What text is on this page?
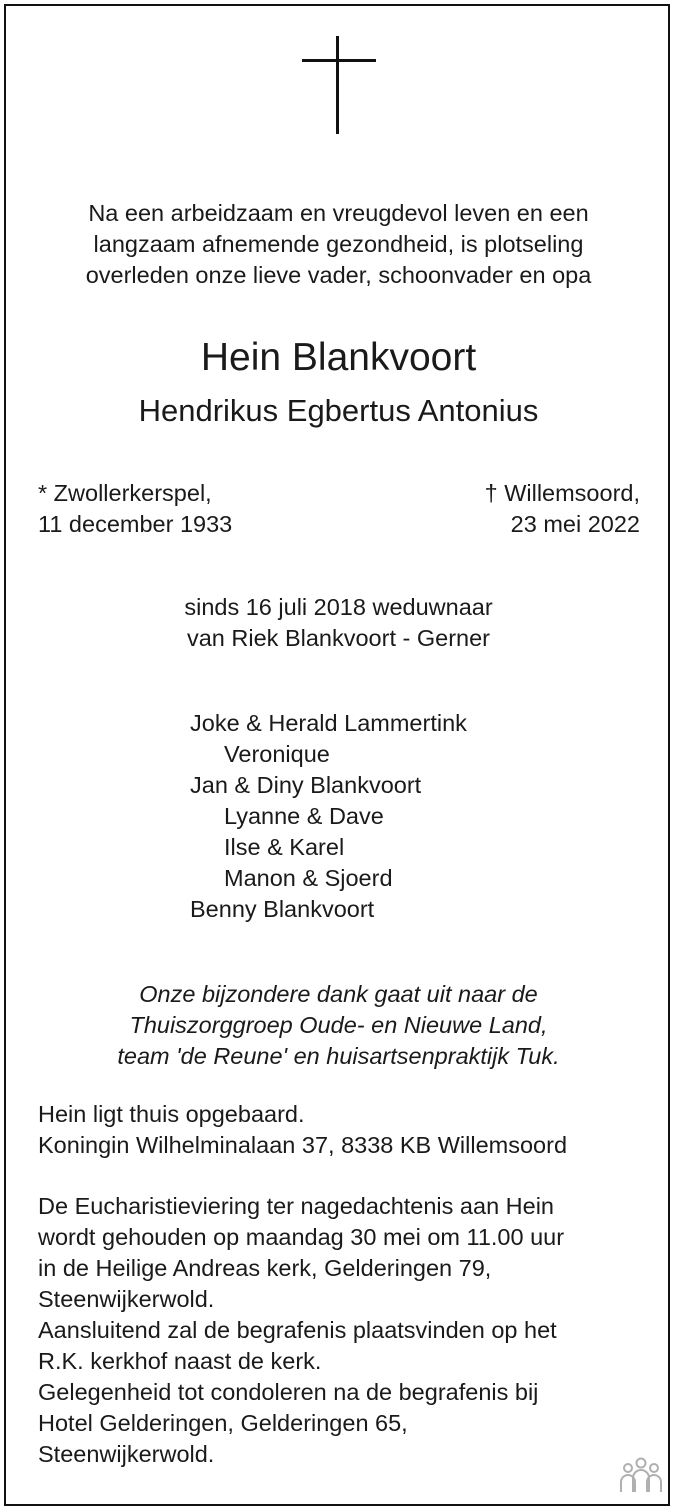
Na een arbeidzaam en vreugdevol leven en een
langzaam afnemende gezondheid, is plotseling
overleden onze lieve vader, schoonvader en opa
Hein Blankvoort
Hendrikus Egbertus Antonius
* Zwollerkerspel,
11 december 1933
† Willemsoord,
23 mei 2022
sinds 16 juli 2018 weduwnaar
van Riek Blankvoort - Gerner
Joke & Herald Lammertink
Veronique
Jan & Diny Blankvoort
Lyanne & Dave
Ilse & Karel
Manon & Sjoerd
Benny Blankvoort
Onze bijzondere dank gaat uit naar de
Thuiszorggroep Oude- en Nieuwe Land,
team 'de Reune' en huisartsenpraktijk Tuk.
Hein ligt thuis opgebaard.
Koningin Wilhelminalaan 37, 8338 KB Willemsoord
De Eucharistieviering ter nagedachtenis aan Hein
wordt gehouden op maandag 30 mei om 11.00 uur
in de Heilige Andreas kerk, Gelderingen 79,
Steenwijkerwold.
Aansluitend zal de begrafenis plaatsvinden op het
R.K. kerkhof naast de kerk.
Gelegenheid tot condoleren na de begrafenis bij
Hotel Gelderingen, Gelderingen 65,
Steenwijkerwold.
